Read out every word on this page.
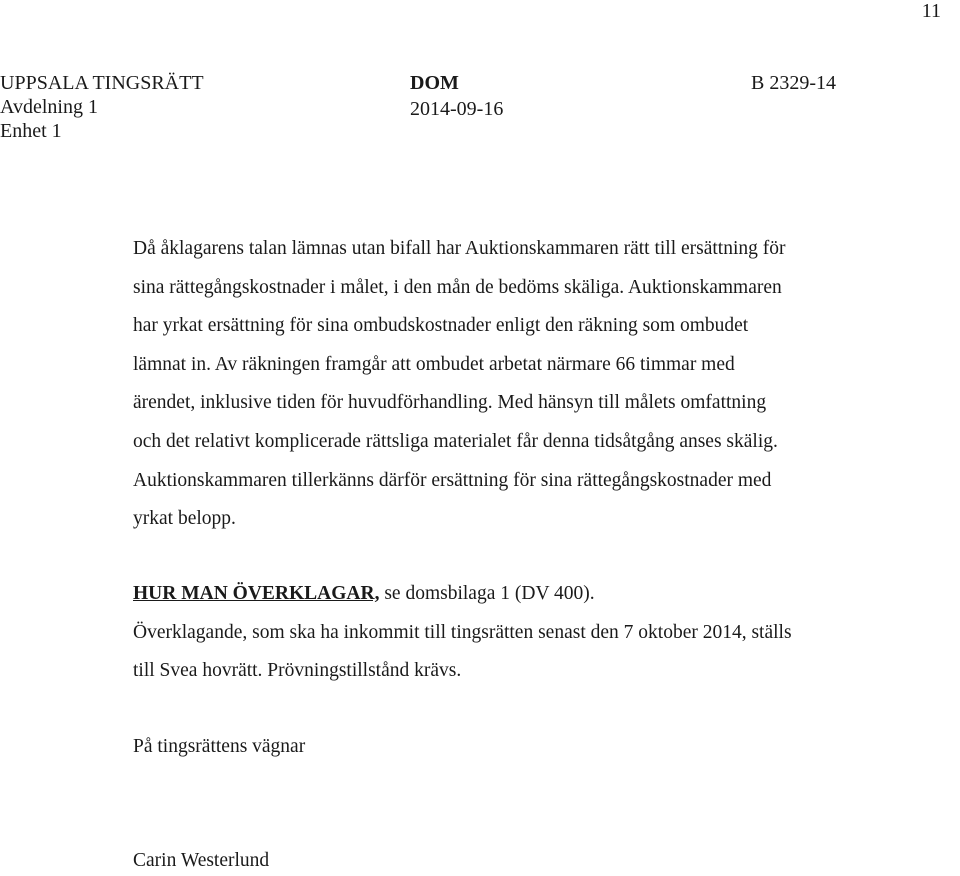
11
UPPSALA TINGSRÄTT
Avdelning 1
Enhet 1
DOM
2014-09-16
B 2329-14

Då åklagarens talan lämnas utan bifall har Auktionskammaren rätt till ersättning för

sina rättegångskostnader i målet, i den mån de bedöms skäliga. Auktionskammaren

har yrkat ersättning för sina ombudskostnader enligt den räkning som ombudet

lämnat in. Av räkningen framgår att ombudet arbetat närmare 66 timmar med

ärendet, inklusive tiden för huvudförhandling. Med hänsyn till målets omfattning

och det relativt komplicerade rättsliga materialet får denna tidsåtgång anses skälig.

Auktionskammaren tillerkänns därför ersättning för sina rättegångskostnader med

yrkat belopp.

HUR MAN ÖVERKLAGAR, se domsbilaga 1 (DV 400).

Överklagande, som ska ha inkommit till tingsrätten senast den 7 oktober 2014, ställs

till Svea hovrätt. Prövningstillstånd krävs.

På tingsrättens vägnar
Carin Westerlund
